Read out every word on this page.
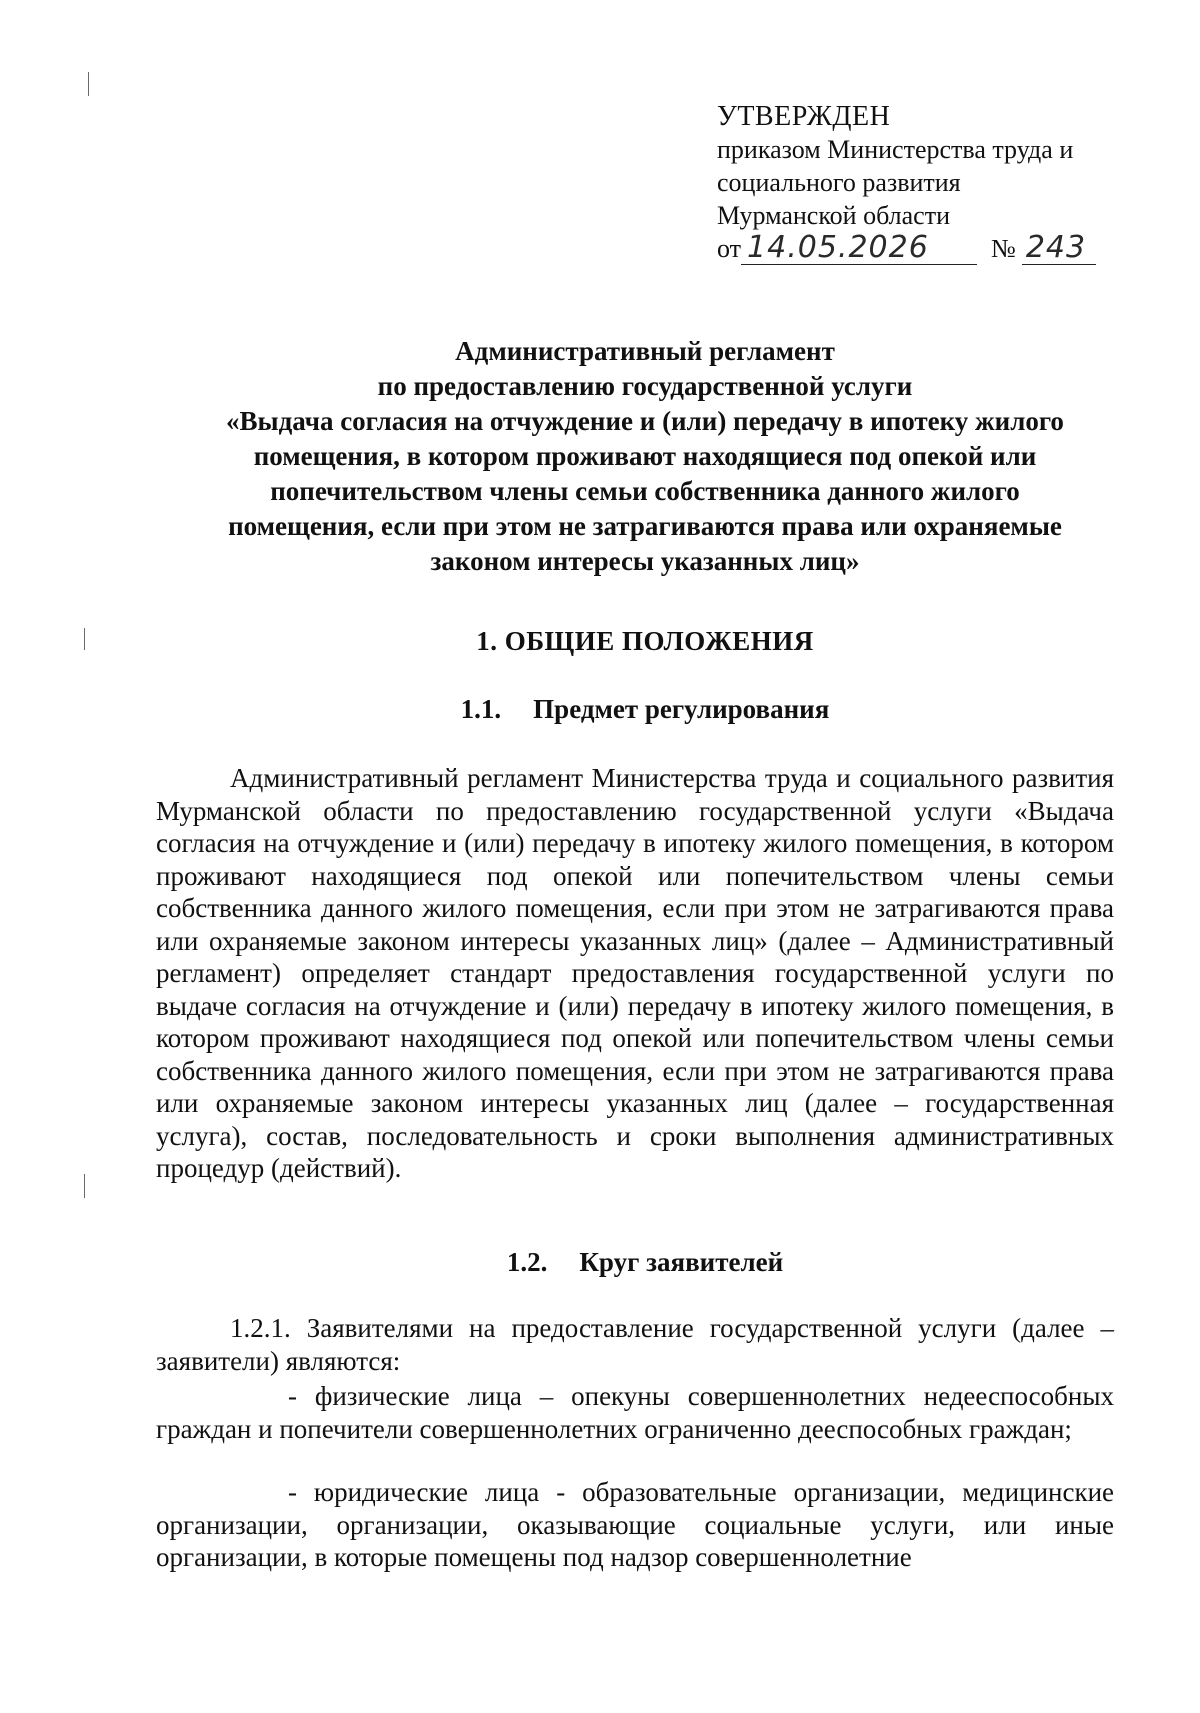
УТВЕРЖДЕН
приказом Министерства труда и
социального развития
Мурманской области
от 14.05.2026 № 243
Административный регламент
по предоставлению государственной услуги
«Выдача согласия на отчуждение и (или) передачу в ипотеку жилого
помещения, в котором проживают находящиеся под опекой или
попечительством члены семьи собственника данного жилого
помещения, если при этом не затрагиваются права или охраняемые
законом интересы указанных лиц»
1. ОБЩИЕ ПОЛОЖЕНИЯ
1.1. Предмет регулирования
Административный регламент Министерства труда и социального развития Мурманской области по предоставлению государственной услуги «Выдача согласия на отчуждение и (или) передачу в ипотеку жилого помещения, в котором проживают находящиеся под опекой или попечительством члены семьи собственника данного жилого помещения, если при этом не затрагиваются права или охраняемые законом интересы указанных лиц» (далее – Административный регламент) определяет стандарт предоставления государственной услуги по выдаче согласия на отчуждение и (или) передачу в ипотеку жилого помещения, в котором проживают находящиеся под опекой или попечительством члены семьи собственника данного жилого помещения, если при этом не затрагиваются права или охраняемые законом интересы указанных лиц (далее – государственная услуга), состав, последовательность и сроки выполнения административных процедур (действий).
1.2. Круг заявителей
1.2.1. Заявителями на предоставление государственной услуги (далее – заявители) являются:
- физические лица – опекуны совершеннолетних недееспособных граждан и попечители совершеннолетних ограниченно дееспособных граждан;
- юридические лица - образовательные организации, медицинские организации, организации, оказывающие социальные услуги, или иные организации, в которые помещены под надзор совершеннолетние
